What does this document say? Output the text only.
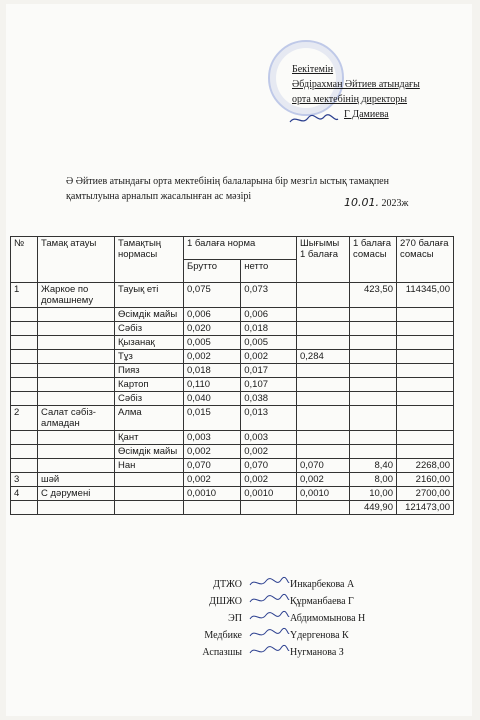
Бекітемін
Әбдірахман Әйтиев атындағы
орта мектебінің директоры
Г Дамиева
Ә Әйтиев атындағы орта мектебінің балаларына бір мезгіл ыстық тамақпен қамтылуына арналып жасалынған ас мәзірі	10.01. 2023ж
№	Тамақ атауы	Тамақтың нормасы	1 балаға норма		Шығымы 1 балаға	1 балаға сомасы	270 балаға сомасы
			Брутто	нетто			
1	Жаркое по домашнему	Тауық еті	0,075	0,073		423,50	114345,00
		Өсімдік майы	0,006	0,006			
		Сәбіз	0,020	0,018			
		Қызанақ	0,005	0,005			
		Тұз	0,002	0,002	0,284		
		Пияз	0,018	0,017			
		Картоп	0,110	0,107			
		Сәбіз	0,040	0,038			
2	Салат сәбіз-алмадан	Алма	0,015	0,013			
		Қант	0,003	0,003			
		Өсімдік майы	0,002	0,002			
		Нан	0,070	0,070	0,070	8,40	2268,00
3	шәй		0,002	0,002	0,002	8,00	2160,00
4	С дәрумені		0,0010	0,0010	0,0010	10,00	2700,00
						449,90	121473,00
ДТЖО	Инкарбекова А
ДШЖО	Құрманбаева Г
ЭП	Абдимомынова Н
Медбике	Үдергенова К
Аспазшы	Нугманова З
